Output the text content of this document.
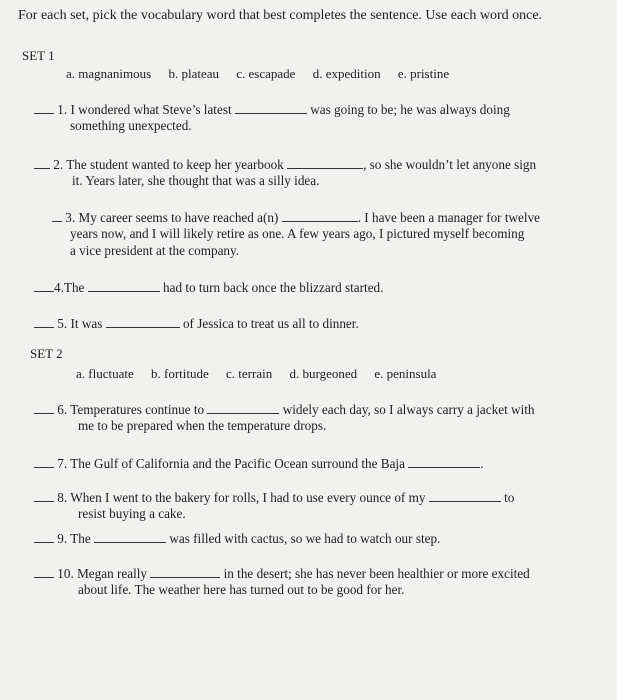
For each set, pick the vocabulary word that best completes the sentence. Use each word once.
SET 1
a. magnanimous b. plateau c. escapade d. expedition e. pristine
1. I wondered what Steve’s latest	was going to be; he was always doing
something unexpected.
2. The student wanted to keep her yearbook	, so she wouldn’t let anyone sign
it. Years later, she thought that was a silly idea.
3. My career seems to have reached a(n)	. I have been a manager for twelve
years now, and I will likely retire as one. A few years ago, I pictured myself becoming
a vice president at the company.
4.The	had to turn back once the blizzard started.
5. It was	of Jessica to treat us all to dinner.
SET 2
a. fluctuate b. fortitude c. terrain d. burgeoned e. peninsula
6. Temperatures continue to	widely each day, so I always carry a jacket with
me to be prepared when the temperature drops.
7. The Gulf of California and the Pacific Ocean surround the Baja	.
8. When I went to the bakery for rolls, I had to use every ounce of my	to
resist buying a cake.
9. The	was filled with cactus, so we had to watch our step.
10. Megan really	in the desert; she has never been healthier or more excited
about life. The weather here has turned out to be good for her.
